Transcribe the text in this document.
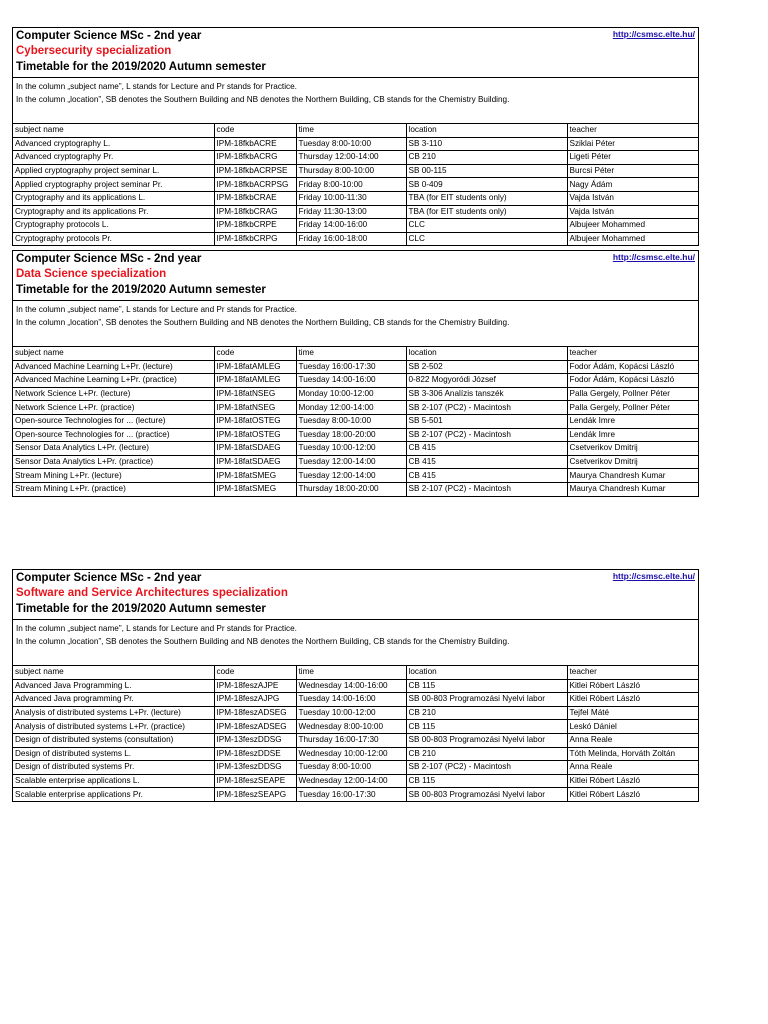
Computer Science MSc - 2nd year
Cybersecurity specialization
Timetable for the 2019/2020 Autumn semester
http://csmsc.elte.hu/
In the column „subject name”, L stands for Lecture and Pr stands for Practice.
In the column „location”, SB denotes the Southern Building and NB denotes the Northern Building, CB stands for the Chemistry Building.
subject name	code	time	location	teacher
Advanced cryptography L.	IPM-18fkbACRE	Tuesday 8:00-10:00	SB 3-110	Sziklai Péter
Advanced cryptography Pr.	IPM-18fkbACRG	Thursday 12:00-14:00	CB 210	Ligeti Péter
Applied cryptography project seminar L.	IPM-18fkbACRPSE	Thursday 8:00-10:00	SB 00-115	Burcsi Péter
Applied cryptography project seminar Pr.	IPM-18fkbACRPSG	Friday 8:00-10:00	SB 0-409	Nagy Ádám
Cryptography and its applications L.	IPM-18fkbCRAE	Friday 10:00-11:30	TBA (for EIT students only)	Vajda István
Cryptography and its applications Pr.	IPM-18fkbCRAG	Friday 11:30-13:00	TBA (for EIT students only)	Vajda István
Cryptography protocols L.	IPM-18fkbCRPE	Friday 14:00-16:00	CLC	Albujeer Mohammed
Cryptography protocols Pr.	IPM-18fkbCRPG	Friday 16:00-18:00	CLC	Albujeer Mohammed
Computer Science MSc - 2nd year
Data Science specialization
Timetable for the 2019/2020 Autumn semester
http://csmsc.elte.hu/
In the column „subject name”, L stands for Lecture and Pr stands for Practice.
In the column „location”, SB denotes the Southern Building and NB denotes the Northern Building, CB stands for the Chemistry Building.
subject name	code	time	location	teacher
Advanced Machine Learning L+Pr. (lecture)	IPM-18fatAMLEG	Tuesday 16:00-17:30	SB 2-502	Fodor Ádám, Kopácsi László
Advanced Machine Learning L+Pr. (practice)	IPM-18fatAMLEG	Tuesday 14:00-16:00	0-822 Mogyoródi József	Fodor Ádám, Kopácsi László
Network Science L+Pr. (lecture)	IPM-18fatNSEG	Monday 10:00-12:00	SB 3-306 Analízis tanszék	Palla Gergely, Pollner Péter
Network Science L+Pr. (practice)	IPM-18fatNSEG	Monday 12:00-14:00	SB 2-107 (PC2) - Macintosh	Palla Gergely, Pollner Péter
Open-source Technologies for ... (lecture)	IPM-18fatOSTEG	Tuesday 8:00-10:00	SB 5-501	Lendák Imre
Open-source Technologies for ... (practice)	IPM-18fatOSTEG	Tuesday 18:00-20:00	SB 2-107 (PC2) - Macintosh	Lendák Imre
Sensor Data Analytics L+Pr. (lecture)	IPM-18fatSDAEG	Tuesday 10:00-12:00	CB 415	Csetverikov Dmitrij
Sensor Data Analytics L+Pr. (practice)	IPM-18fatSDAEG	Tuesday 12:00-14:00	CB 415	Csetverikov Dmitrij
Stream Mining L+Pr. (lecture)	IPM-18fatSMEG	Tuesday 12:00-14:00	CB 415	Maurya Chandresh Kumar
Stream Mining L+Pr. (practice)	IPM-18fatSMEG	Thursday 18:00-20:00	SB 2-107 (PC2) - Macintosh	Maurya Chandresh Kumar
Computer Science MSc - 2nd year
Software and Service Architectures specialization
Timetable for the 2019/2020 Autumn semester
http://csmsc.elte.hu/
In the column „subject name”, L stands for Lecture and Pr stands for Practice.
In the column „location”, SB denotes the Southern Building and NB denotes the Northern Building, CB stands for the Chemistry Building.
subject name	code	time	location	teacher
Advanced Java Programming L.	IPM-18feszAJPE	Wednesday 14:00-16:00	CB 115	Kitlei Róbert László
Advanced Java programming Pr.	IPM-18feszAJPG	Tuesday 14:00-16:00	SB 00-803 Programozási Nyelvi labor	Kitlei Róbert László
Analysis of distributed systems L+Pr. (lecture)	IPM-18feszADSEG	Tuesday 10:00-12:00	CB 210	Tejfel Máté
Analysis of distributed systems L+Pr. (practice)	IPM-18feszADSEG	Wednesday 8:00-10:00	CB 115	Leskó Dániel
Design of distributed systems (consultation)	IPM-13feszDDSG	Thursday 16:00-17:30	SB 00-803 Programozási Nyelvi labor	Anna Reale
Design of distributed systems L.	IPM-18feszDDSE	Wednesday 10:00-12:00	CB 210	Tóth Melinda, Horváth Zoltán
Design of distributed systems Pr.	IPM-13feszDDSG	Tuesday 8:00-10:00	SB 2-107 (PC2) - Macintosh	Anna Reale
Scalable enterprise applications L.	IPM-18feszSEAPE	Wednesday 12:00-14:00	CB 115	Kitlei Róbert László
Scalable enterprise applications Pr.	IPM-18feszSEAPG	Tuesday 16:00-17:30	SB 00-803 Programozási Nyelvi labor	Kitlei Róbert László
